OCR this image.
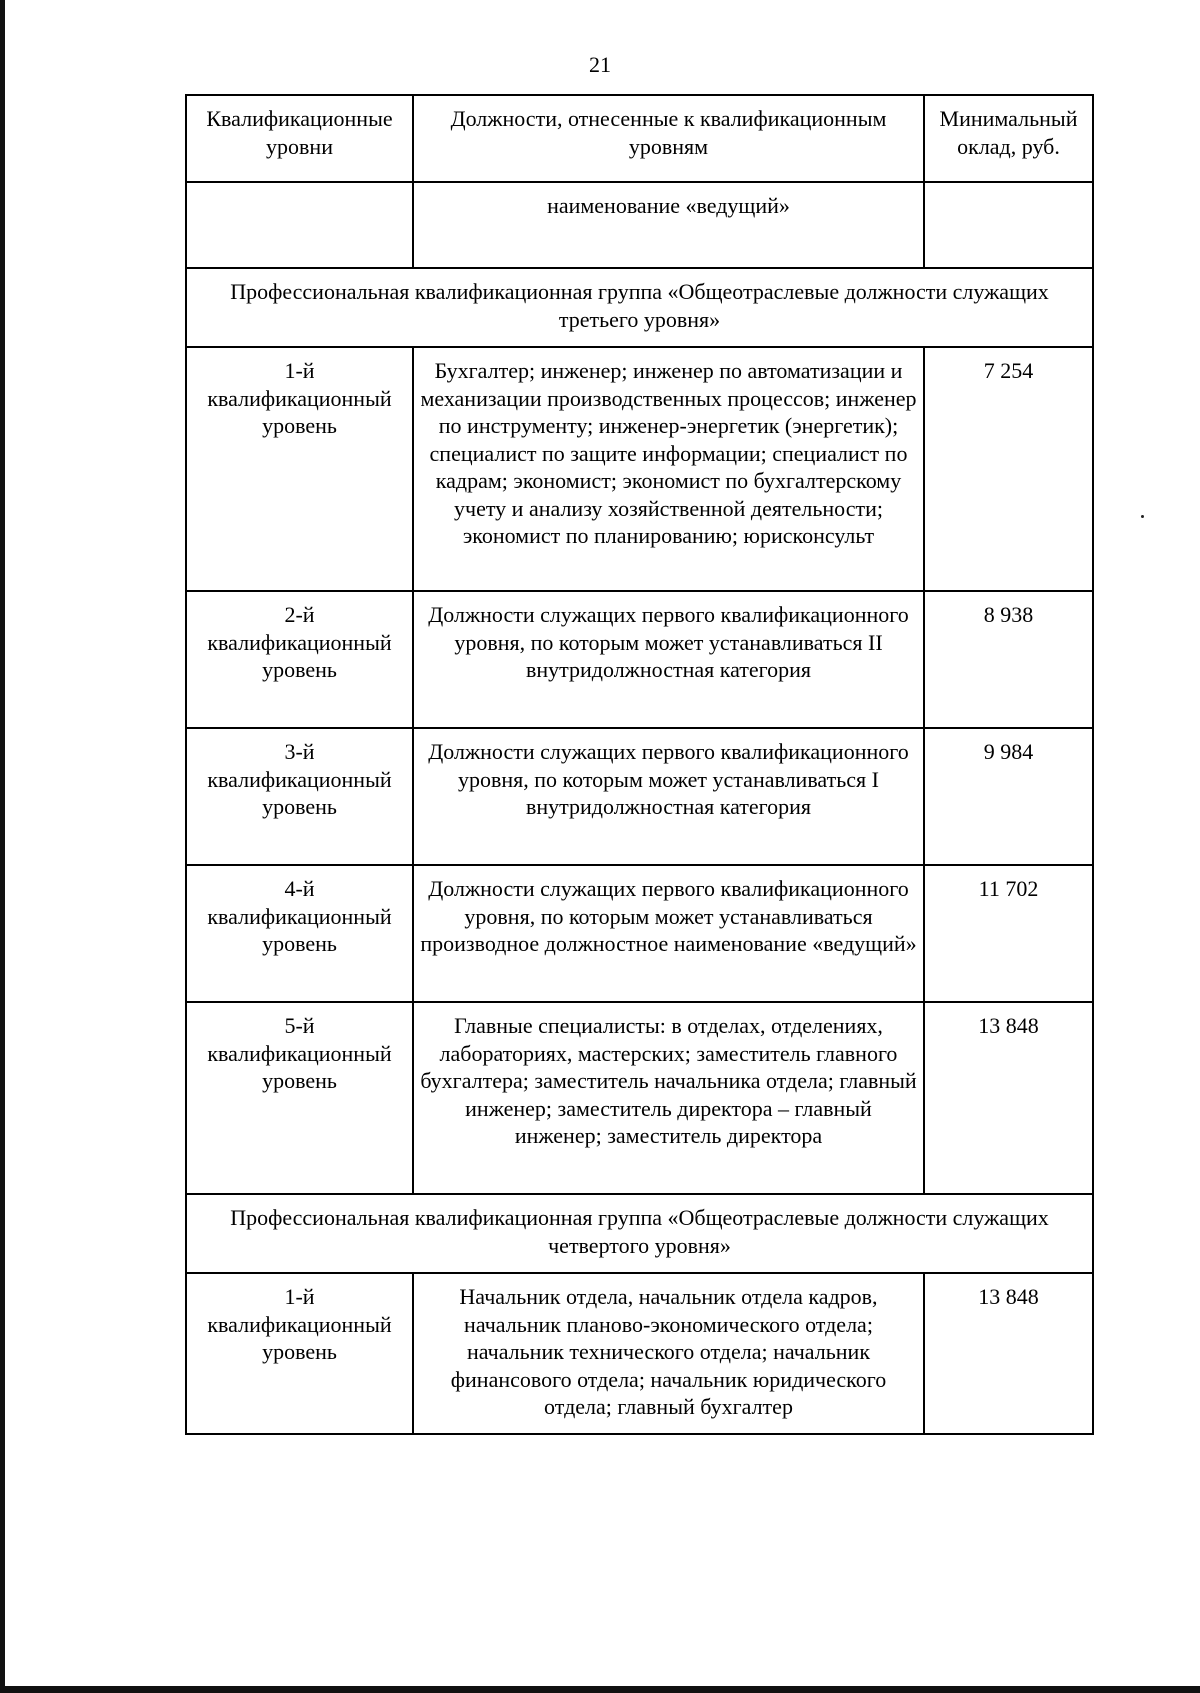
21
Квалификационные уровни	Должности, отнесенные к квалификационным уровням	Минимальный оклад, руб.
	наименование «ведущий»	
Профессиональная квалификационная группа «Общеотраслевые должности служащих третьего уровня»		
1-й квалификационный уровень	Бухгалтер; инженер; инженер по автоматизации и механизации производственных процессов; инженер по инструменту; инженер-энергетик (энергетик); специалист по защите информации; специалист по кадрам; экономист; экономист по бухгалтерскому учету и анализу хозяйственной деятельности; экономист по планированию; юрисконсульт	7 254
2-й квалификационный уровень	Должности служащих первого квалификационного уровня, по которым может устанавливаться II внутридолжностная категория	8 938
3-й квалификационный уровень	Должности служащих первого квалификационного уровня, по которым может устанавливаться I внутридолжностная категория	9 984
4-й квалификационный уровень	Должности служащих первого квалификационного уровня, по которым может устанавливаться производное должностное наименование «ведущий»	11 702
5-й квалификационный уровень	Главные специалисты: в отделах, отделениях, лабораториях, мастерских; заместитель главного бухгалтера; заместитель начальника отдела; главный инженер; заместитель директора – главный инженер; заместитель директора	13 848
Профессиональная квалификационная группа «Общеотраслевые должности служащих четвертого уровня»		
1-й квалификационный уровень	Начальник отдела, начальник отдела кадров, начальник планово-экономического отдела; начальник технического отдела; начальник финансового отдела; начальник юридического отдела; главный бухгалтер	13 848
